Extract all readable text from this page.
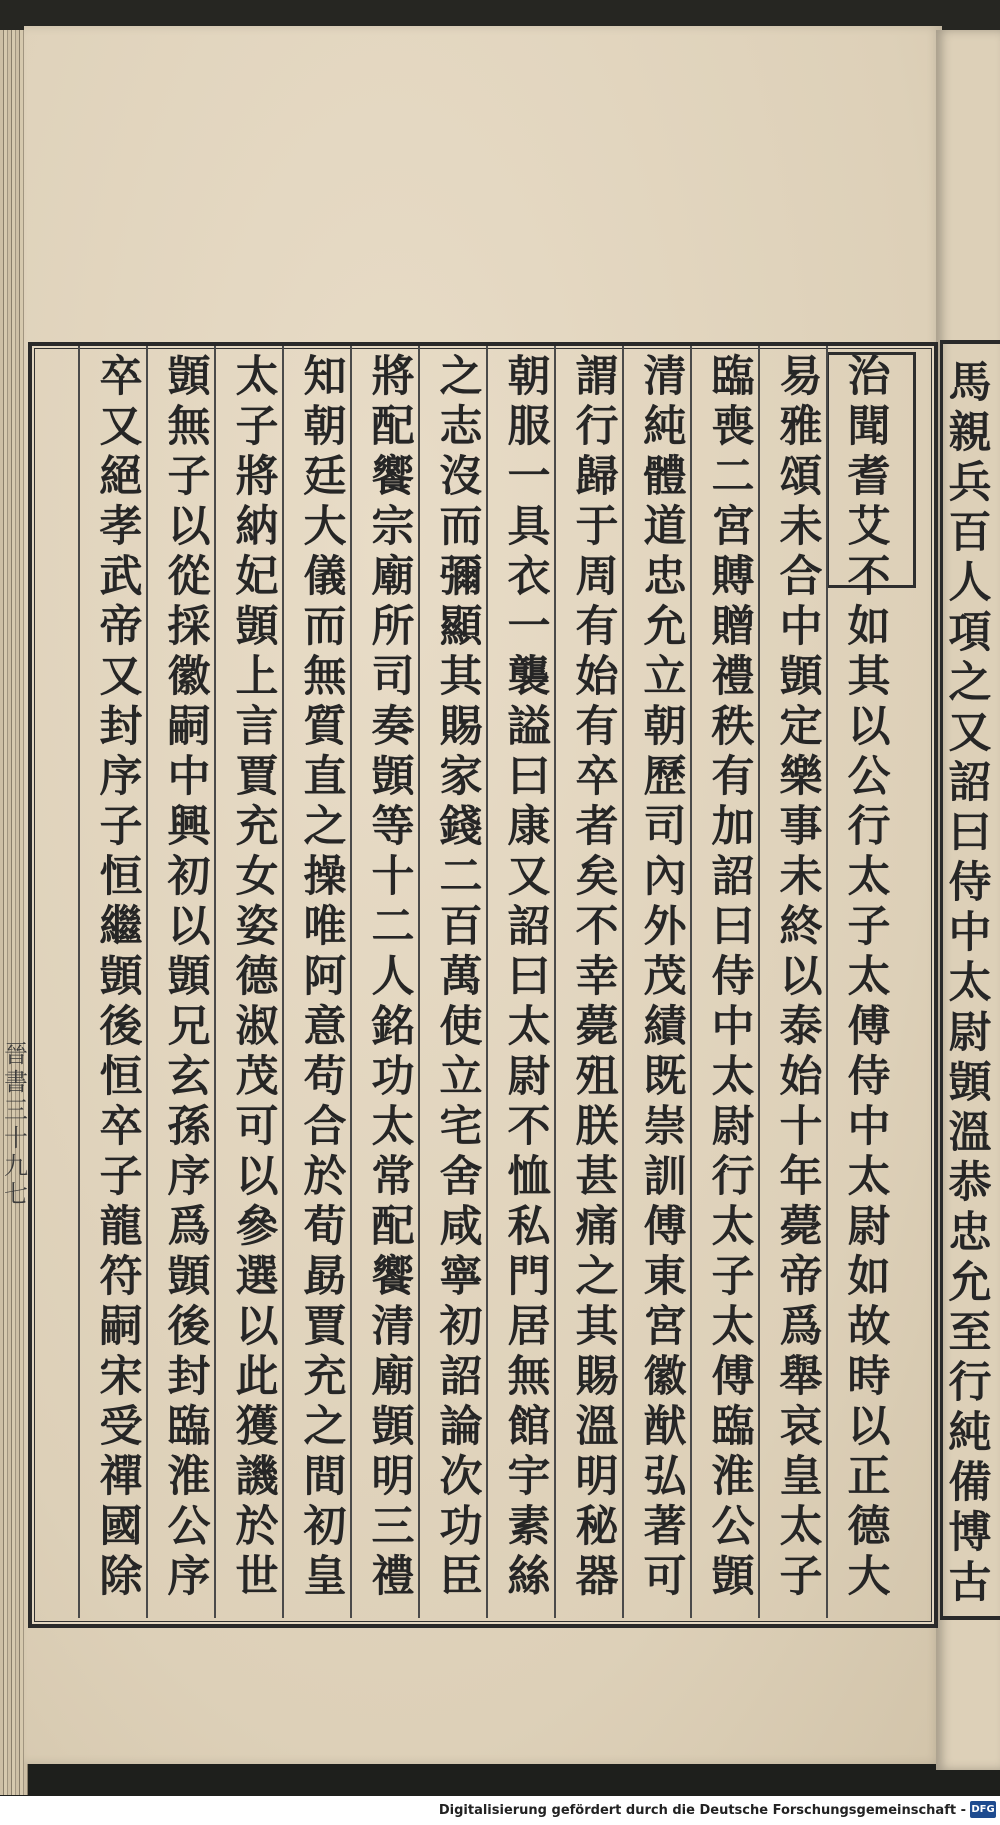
治
聞
耆
艾
不
如
其
以
公
行
太
子
太
傅
侍
中
太
尉
如
故
時
以
正
德
大
易
雅
頌
未
合
中
顗
定
樂
事
未
終
以
泰
始
十
年
薨
帝
爲
舉
哀
皇
太
子
臨
喪
二
宮
賻
贈
禮
秩
有
加
詔
曰
侍
中
太
尉
行
太
子
太
傅
臨
淮
公
顗
清
純
體
道
忠
允
立
朝
歷
司
內
外
茂
績
既
崇
訓
傅
東
宮
徽
猷
弘
著
可
謂
行
歸
于
周
有
始
有
卒
者
矣
不
幸
薨
殂
朕
甚
痛
之
其
賜
溫
明
秘
器
朝
服
一
具
衣
一
襲
謚
曰
康
又
詔
曰
太
尉
不
恤
私
門
居
無
館
宇
素
絲
之
志
沒
而
彌
顯
其
賜
家
錢
二
百
萬
使
立
宅
舍
咸
寧
初
詔
論
次
功
臣
將
配
饗
宗
廟
所
司
奏
顗
等
十
二
人
銘
功
太
常
配
饗
清
廟
顗
明
三
禮
知
朝
廷
大
儀
而
無
質
直
之
操
唯
阿
意
苟
合
於
荀
勗
賈
充
之
間
初
皇
太
子
將
納
妃
顗
上
言
賈
充
女
姿
德
淑
茂
可
以
參
選
以
此
獲
譏
於
世
顗
無
子
以
從
採
徽
嗣
中
興
初
以
顗
兄
玄
孫
序
爲
顗
後
封
臨
淮
公
序
卒
又
絕
孝
武
帝
又
封
序
子
恒
繼
顗
後
恒
卒
子
龍
符
嗣
宋
受
禪
國
除
馬
親
兵
百
人
項
之
又
詔
曰
侍
中
太
尉
顗
溫
恭
忠
允
至
行
純
備
博
古
晉
書
三
十
九
七
Digitalisierung gefördert durch die Deutsche Forschungsgemeinschaft - DFG
